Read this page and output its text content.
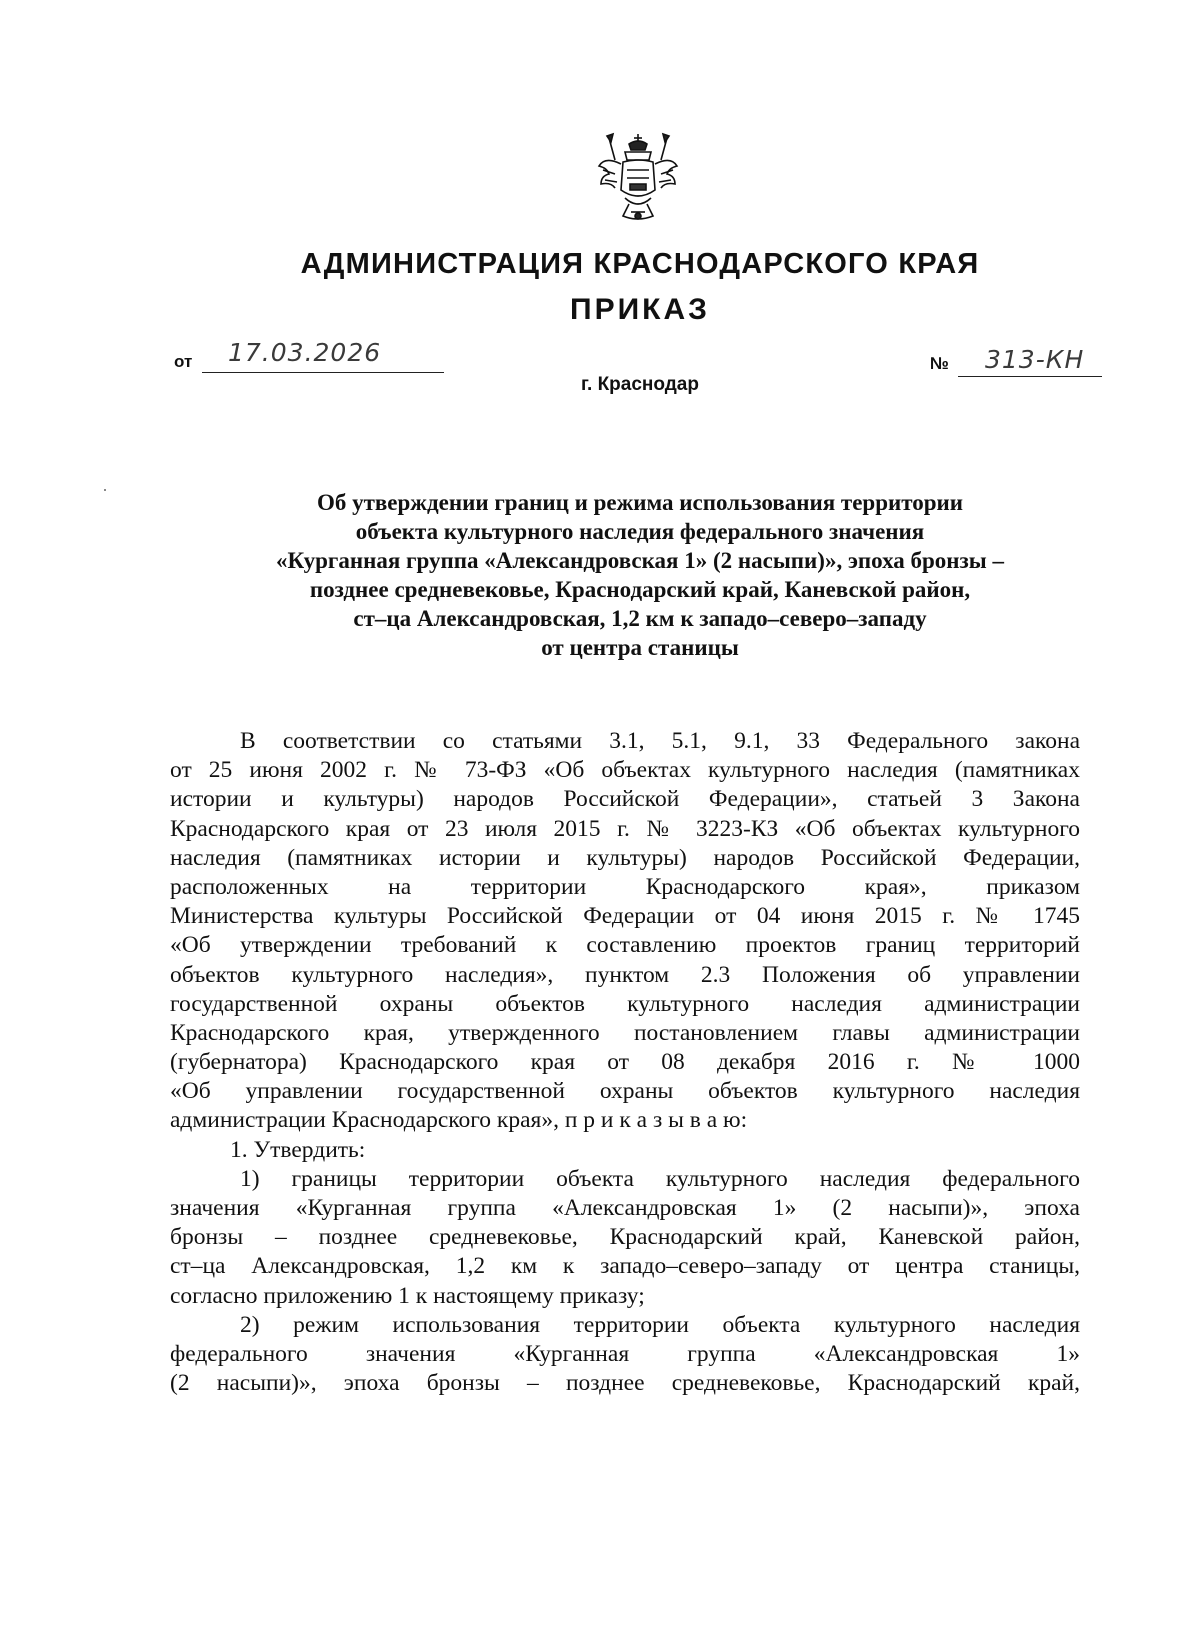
АДМИНИСТРАЦИЯ КРАСНОДАРСКОГО КРАЯ
ПРИКАЗ
от 17.03.2026	№ 313-КН
г. Краснодар
Об утверждении границ и режима использования территории
объекта культурного наследия федерального значения
«Курганная группа «Александровская 1» (2 насыпи)», эпоха бронзы –
позднее средневековье, Краснодарский край, Каневской район,
ст–ца Александровская, 1,2 км к западо–северо–западу
от центра станицы
В соответствии со статьями 3.1, 5.1, 9.1, 33 Федерального закона
от 25 июня 2002 г. № 73-ФЗ «Об объектах культурного наследия (памятниках
истории и культуры) народов Российской Федерации», статьей 3 Закона
Краснодарского края от 23 июля 2015 г. № 3223-КЗ «Об объектах культурного
наследия (памятниках истории и культуры) народов Российской Федерации,
расположенных на территории Краснодарского края», приказом
Министерства культуры Российской Федерации от 04 июня 2015 г. № 1745
«Об утверждении требований к составлению проектов границ территорий
объектов культурного наследия», пунктом 2.3 Положения об управлении
государственной охраны объектов культурного наследия администрации
Краснодарского края, утвержденного постановлением главы администрации
(губернатора) Краснодарского края от 08 декабря 2016 г. № 1000
«Об управлении государственной охраны объектов культурного наследия
администрации Краснодарского края», п р и к а з ы в а ю:
1. Утвердить:
1) границы территории объекта культурного наследия федерального
значения «Курганная группа «Александровская 1» (2 насыпи)», эпоха
бронзы – позднее средневековье, Краснодарский край, Каневской район,
ст–ца Александровская, 1,2 км к западо–северо–западу от центра станицы,
согласно приложению 1 к настоящему приказу;
2) режим использования территории объекта культурного наследия
федерального значения «Курганная группа «Александровская 1»
(2 насыпи)», эпоха бронзы – позднее средневековье, Краснодарский край,
